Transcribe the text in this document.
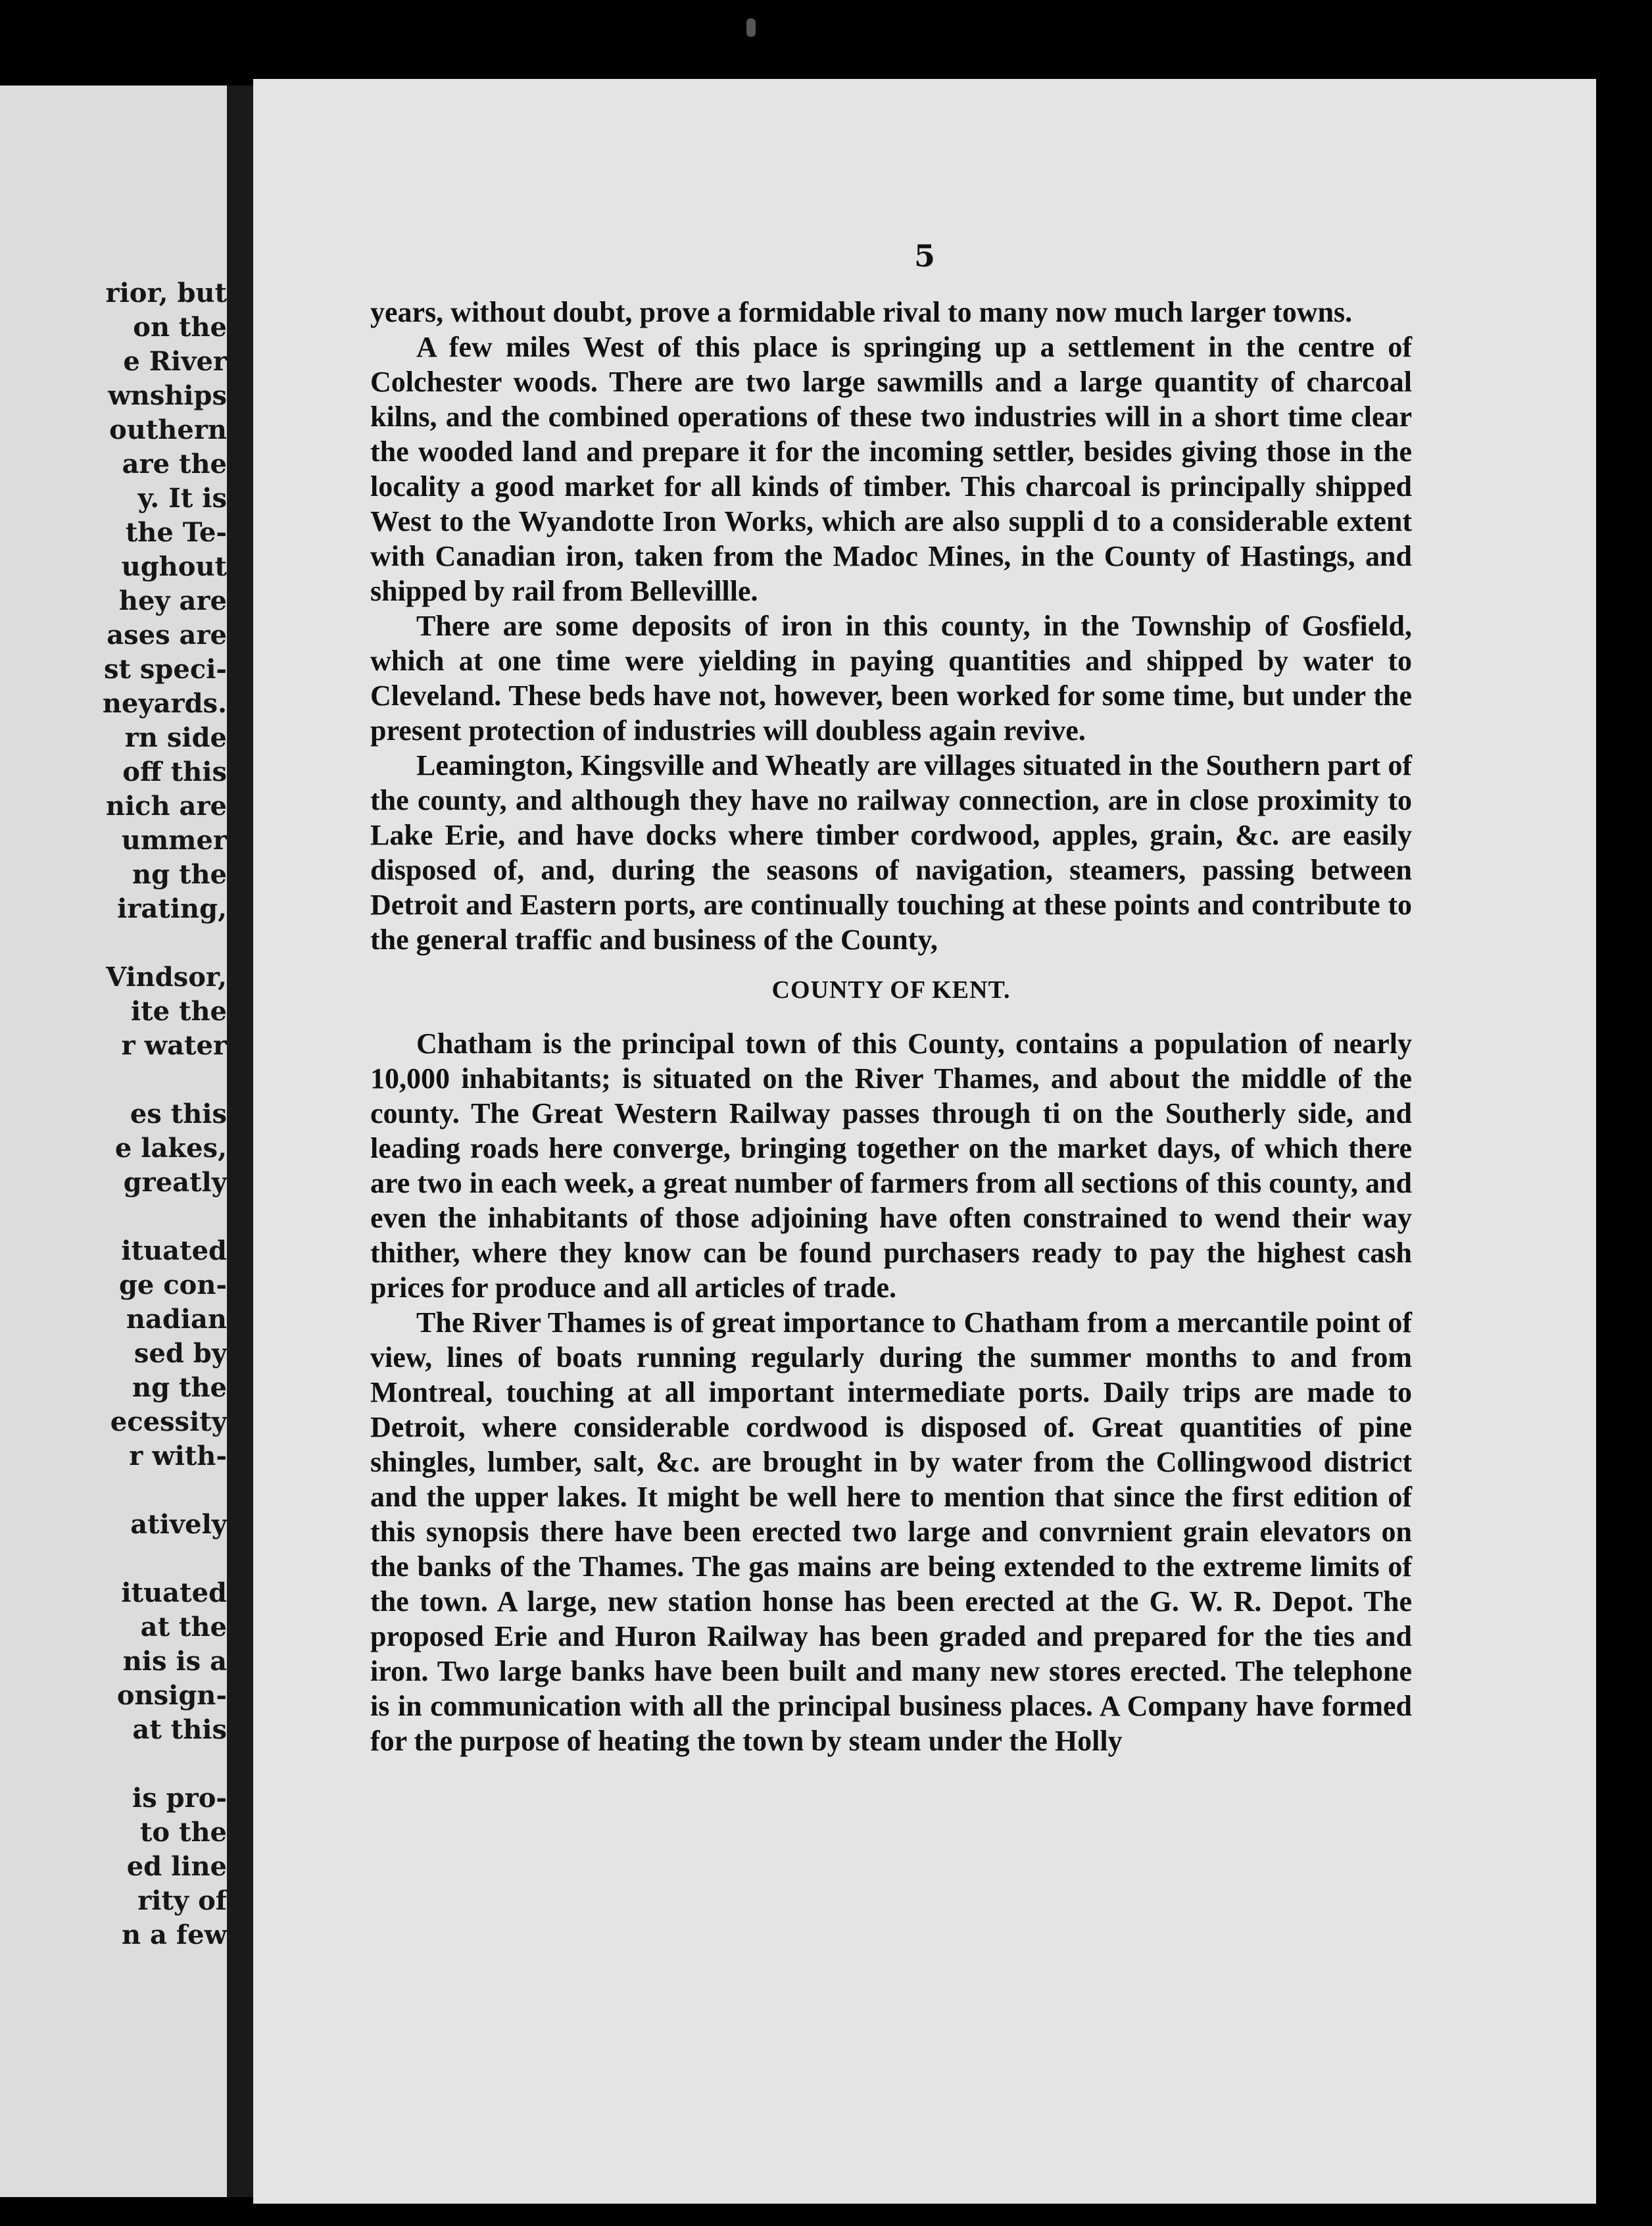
rior, but
on the
e River
wnships
outhern
are the
y. It is
the Te-
ughout
hey are
ases are
st speci-
neyards.
rn side
off this
nich are
ummer
ng the
irating,
Vindsor,
ite the
r water
es this
e lakes,
greatly
ituated
ge con-
nadian
sed by
ng the
ecessity
r with-
atively
ituated
at the
nis is a
onsign-
at this
is pro-
to the
ed line
rity of
n a few
5

years, without doubt, prove a formidable rival to many now much larger towns.

A few miles West of this place is springing up a settlement in the centre of Colchester woods. There are two large sawmills and a large quantity of charcoal kilns, and the combined operations of these two industries will in a short time clear the wooded land and prepare it for the incoming settler, besides giving those in the locality a good market for all kinds of timber. This charcoal is principally shipped West to the Wyandotte Iron Works, which are also suppli d to a considerable extent with Canadian iron, taken from the Madoc Mines, in the County of Hastings, and shipped by rail from Bellevillle.

There are some deposits of iron in this county, in the Township of Gosfield, which at one time were yielding in paying quantities and shipped by water to Cleveland. These beds have not, however, been worked for some time, but under the present protection of industries will doubless again revive.

Leamington, Kingsville and Wheatly are villages situated in the Southern part of the county, and although they have no railway connection, are in close proximity to Lake Erie, and have docks where timber cordwood, apples, grain, &c. are easily disposed of, and, during the seasons of navigation, steamers, passing between Detroit and Eastern ports, are continually touching at these points and contribute to the general traffic and business of the County,

COUNTY OF KENT.

Chatham is the principal town of this County, contains a population of nearly 10,000 inhabitants; is situated on the River Thames, and about the middle of the county. The Great Western Railway passes through ti on the Southerly side, and leading roads here converge, bringing together on the market days, of which there are two in each week, a great number of farmers from all sections of this county, and even the inhabitants of those adjoining have often constrained to wend their way thither, where they know can be found purchasers ready to pay the highest cash prices for produce and all articles of trade.

The River Thames is of great importance to Chatham from a mercantile point of view, lines of boats running regularly during the summer months to and from Montreal, touching at all important intermediate ports. Daily trips are made to Detroit, where considerable cordwood is disposed of. Great quantities of pine shingles, lumber, salt, &c. are brought in by water from the Collingwood district and the upper lakes. It might be well here to mention that since the first edition of this synopsis there have been erected two large and convrnient grain elevators on the banks of the Thames. The gas mains are being extended to the extreme limits of the town. A large, new station honse has been erected at the G. W. R. Depot. The proposed Erie and Huron Railway has been graded and prepared for the ties and iron. Two large banks have been built and many new stores erected. The telephone is in communication with all the principal business places. A Company have formed for the purpose of heating the town by steam under the Holly
